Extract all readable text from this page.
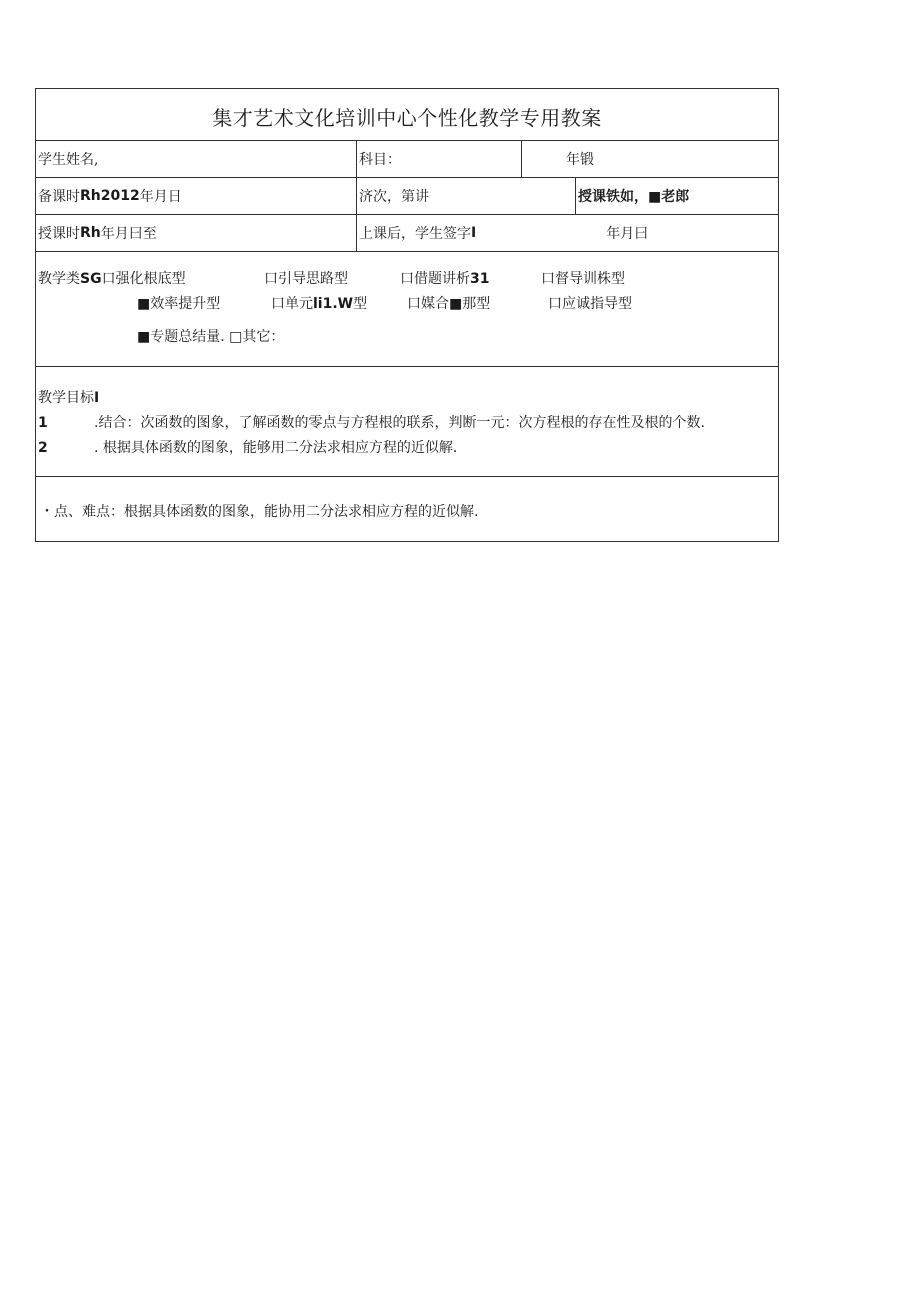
集才艺术文化培训中心个性化教学专用教案
学生姓名,	科目：	年锻
备课时 Rh2012 年月日	济次，第讲	授课铁如，■老郎
授课时 Rh 年月曰至	上课后，学生签字 I	年月曰
教学类SG口强化根底型	口引导思路型	口借题讲析31	口督导训株型
■效率提升型	口单元li1.W型	口媒合■那型	口应诚指导型
■专题总结量. □其它：
教学目标I
1	.结合：次函数的图象，了解函数的零点与方程根的联系，判断一元：次方程根的存在性及根的个数.
2	. 根据具体函数的图象，能够用二分法求相应方程的近似解.
・点、难点：根据具体函数的图象，能协用二分法求相应方程的近似解.
